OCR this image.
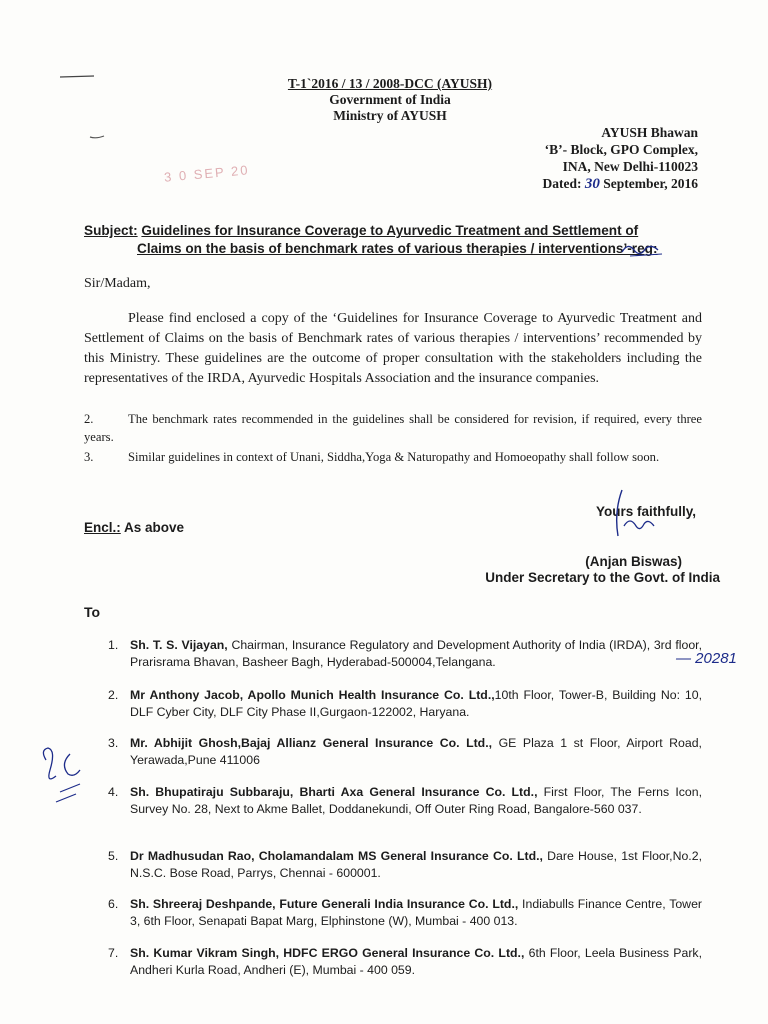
T-1`2016 / 13 / 2008-DCC (AYUSH)
Government of India
Ministry of AYUSH
3 0 SEP 20
AYUSH Bhawan
‘B’- Block, GPO Complex,
INA, New Delhi-110023
Dated: 30 September, 2016
Subject: Guidelines for Insurance Coverage to Ayurvedic Treatment and Settlement of
Claims on the basis of benchmark rates of various therapies / interventions’-reg:
Sir/Madam,
Please find enclosed a copy of the ‘Guidelines for Insurance Coverage to Ayurvedic Treatment and Settlement of Claims on the basis of Benchmark rates of various therapies / interventions’ recommended by this Ministry. These guidelines are the outcome of proper consultation with the stakeholders including the representatives of the IRDA, Ayurvedic Hospitals Association and the insurance companies.
2.	The benchmark rates recommended in the guidelines shall be considered for revision, if required, every three years.
3.	Similar guidelines in context of Unani, Siddha,Yoga & Naturopathy and Homoeopathy shall follow soon.
Yours faithfully,
(Anjan Biswas)
Under Secretary to the Govt. of India
Encl.: As above
To
1. Sh. T. S. Vijayan, Chairman, Insurance Regulatory and Development Authority of India (IRDA), 3rd floor, Prarisrama Bhavan, Basheer Bagh, Hyderabad-500004,Telangana.	— 20281
2. Mr Anthony Jacob, Apollo Munich Health Insurance Co. Ltd.,10th Floor, Tower-B, Building No: 10, DLF Cyber City, DLF City Phase II,Gurgaon-122002, Haryana.
3. Mr. Abhijit Ghosh,Bajaj Allianz General Insurance Co. Ltd., GE Plaza 1 st Floor, Airport Road, Yerawada,Pune 411006
4. Sh. Bhupatiraju Subbaraju, Bharti Axa General Insurance Co. Ltd., First Floor, The Ferns Icon, Survey No. 28, Next to Akme Ballet, Doddanekundi, Off Outer Ring Road, Bangalore-560 037.
5. Dr Madhusudan Rao, Cholamandalam MS General Insurance Co. Ltd., Dare House, 1st Floor,No.2, N.S.C. Bose Road, Parrys, Chennai - 600001.
6. Sh. Shreeraj Deshpande, Future Generali India Insurance Co. Ltd., Indiabulls Finance Centre, Tower 3, 6th Floor, Senapati Bapat Marg, Elphinstone (W), Mumbai - 400 013.
7. Sh. Kumar Vikram Singh, HDFC ERGO General Insurance Co. Ltd., 6th Floor, Leela Business Park, Andheri Kurla Road, Andheri (E), Mumbai - 400 059.
